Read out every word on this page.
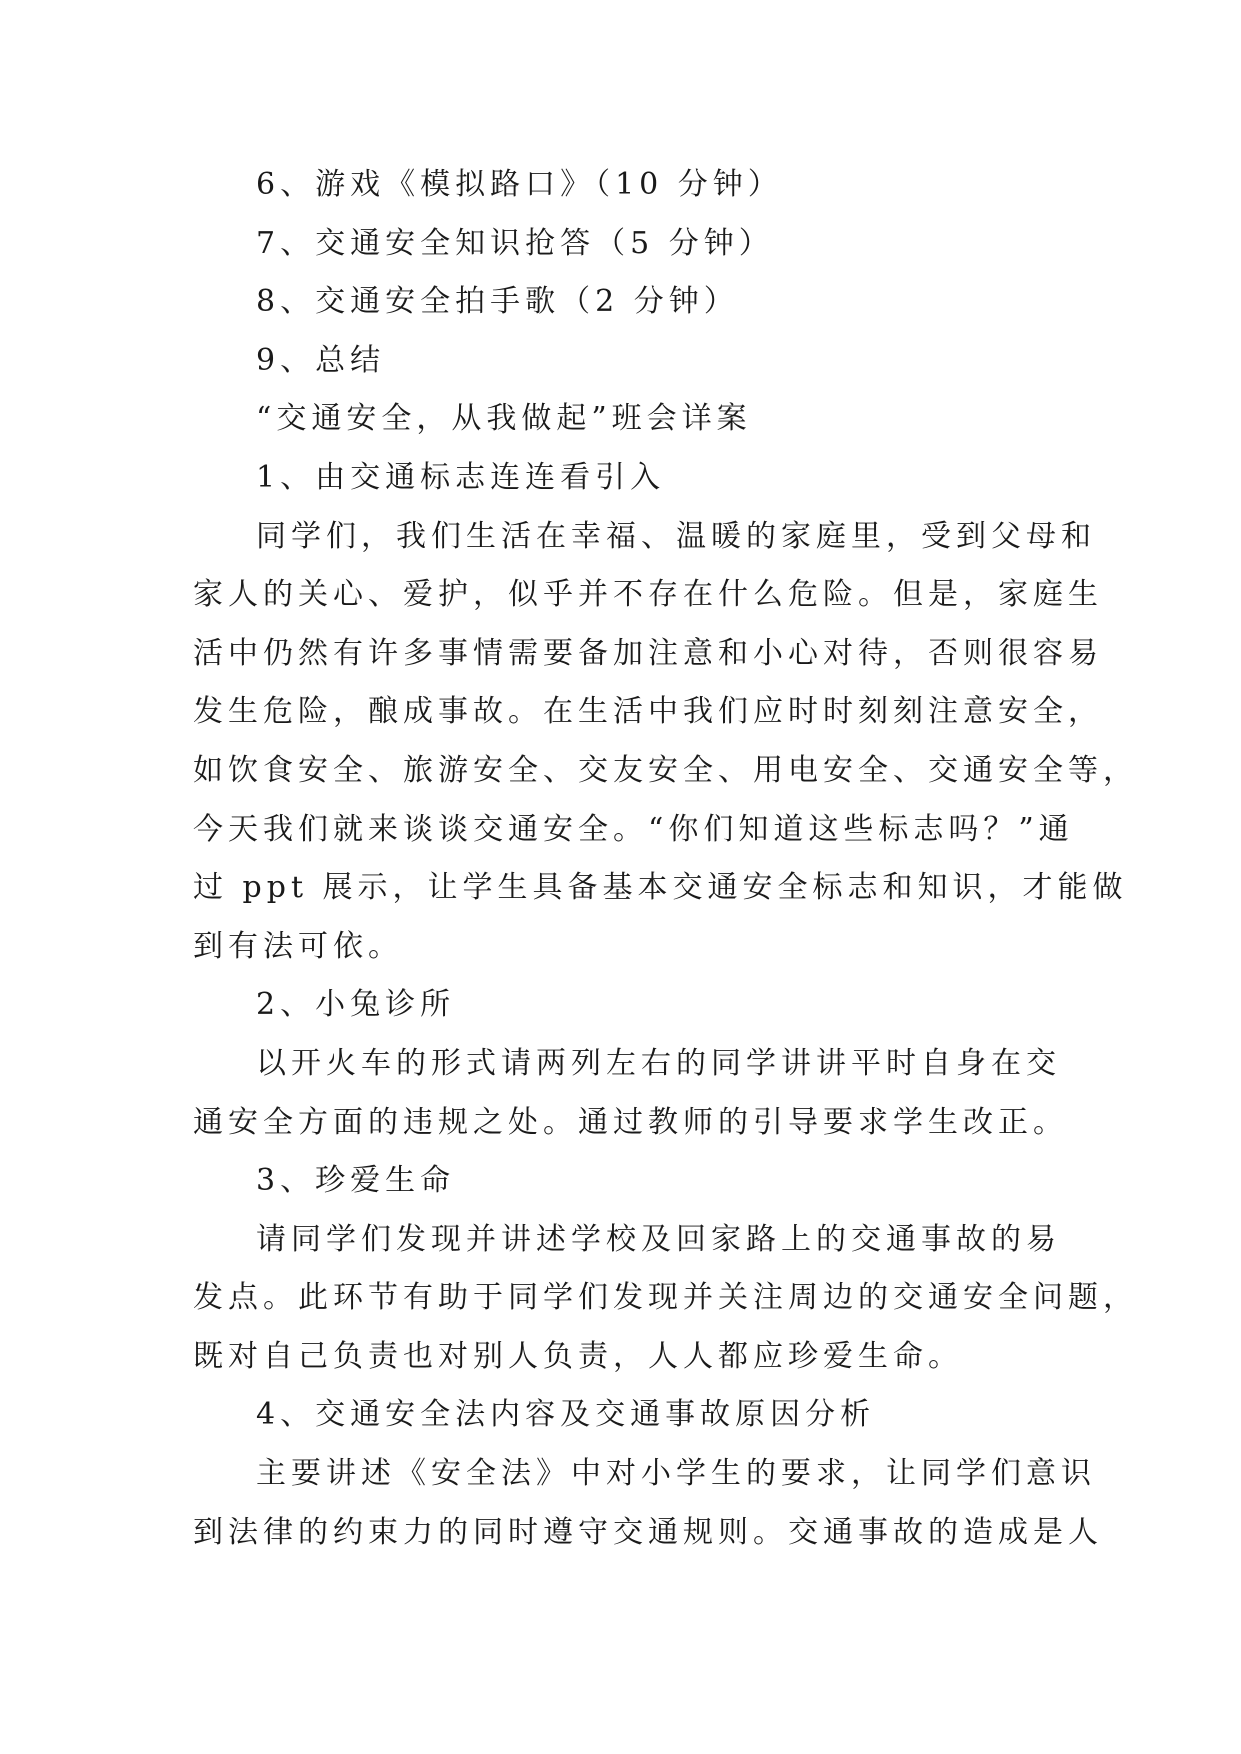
6、游戏《模拟路口》（10 分钟）
7、交通安全知识抢答（5 分钟）
8、交通安全拍手歌（2 分钟）
9、总结
“交通安全，从我做起”班会详案
1、由交通标志连连看引入
同学们，我们生活在幸福、温暖的家庭里，受到父母和
家人的关心、爱护，似乎并不存在什么危险。但是，家庭生
活中仍然有许多事情需要备加注意和小心对待，否则很容易
发生危险，酿成事故。在生活中我们应时时刻刻注意安全，
如饮食安全、旅游安全、交友安全、用电安全、交通安全等，
今天我们就来谈谈交通安全。“你们知道这些标志吗？”通
过 ppt 展示，让学生具备基本交通安全标志和知识，才能做
到有法可依。
2、小兔诊所
以开火车的形式请两列左右的同学讲讲平时自身在交
通安全方面的违规之处。通过教师的引导要求学生改正。
3、珍爱生命
请同学们发现并讲述学校及回家路上的交通事故的易
发点。此环节有助于同学们发现并关注周边的交通安全问题，
既对自己负责也对别人负责，人人都应珍爱生命。
4、交通安全法内容及交通事故原因分析
主要讲述《安全法》中对小学生的要求，让同学们意识
到法律的约束力的同时遵守交通规则。交通事故的造成是人
